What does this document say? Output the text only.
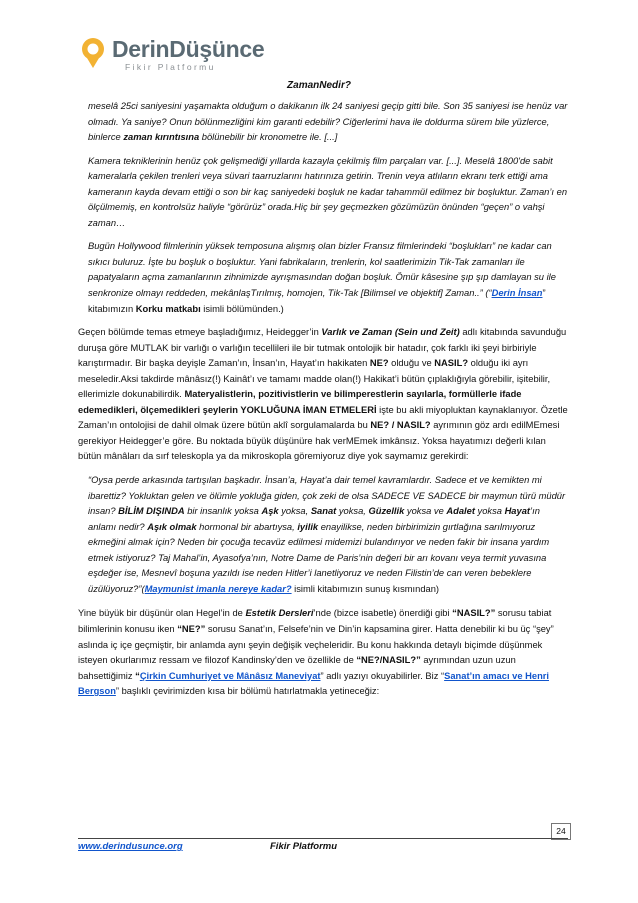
DerinDüşünce
Fikir Platformu
ZamanNedir?

meselâ 25ci saniyesini yaşamakta olduğum o dakikanın ilk 24 saniyesi geçip gitti bile. Son 35 saniyesi ise henüz var olmadı. Ya saniye? Onun bölünmezliğini kim garanti edebilir? Ciğerlerimi hava ile doldurma sürem bile yüzlerce, binlerce zaman kırıntısına bölünebilir bir kronometre ile. [...]

Kamera tekniklerinin henüz çok gelişmediği yıllarda kazayla çekilmiş film parçaları var. [...]. Meselâ 1800'de sabit kameralarla çekilen trenleri veya süvari taarruzlarını hatırınıza getirin. Trenin veya atlıların ekranı terk ettiği ama kameranın kayda devam ettiği o son bir kaç saniyedeki boşluk ne kadar tahammül edilmez bir boşluktur. Zaman’ı en ölçülmemiş, en kontrolsüz haliyle “görürüz” orada.Hiç bir şey geçmezken gözümüzün önünden “geçen” o vahşi zaman…

Bugün Hollywood filmlerinin yüksek temposuna alışmış olan bizler Fransız filmlerindeki “boşlukları” ne kadar can sıkıcı buluruz. İşte bu boşluk o boşluktur. Yani fabrikaların, trenlerin, kol saatlerimizin Tik-Tak zamanları ile papatyaların açma zamanlarının zihnimizde ayrışmasından doğan boşluk. Ömür kâsesine şıp şıp damlayan su ile senkronize olmayı reddeden, mekânlaşTırılmış, homojen, Tik-Tak [Bilimsel ve objektif] Zaman..” (“Derin İnsan” kitabımızın Korku matkabı isimli bölümünden.)

Geçen bölümde temas etmeye başladığımız, Heidegger’in Varlık ve Zaman (Sein und Zeit) adlı kitabında savunduğu duruşa göre MUTLAK bir varlığı o varlığın tecellileri ile bir tutmak ontolojik bir hatadır, çok farklı iki şeyi birbiriyle karıştırmadır. Bir başka deyişle Zaman’ın, İnsan’ın, Hayat’ın hakikaten NE? olduğu ve NASIL? olduğu iki ayrı meseledir.Aksi takdirde mânâsız(!) Kainât’ı ve tamamı madde olan(!) Hakikat’i bütün çıplaklığıyla görebilir, işitebilir, ellerimizle dokunabilirdik. Materyalistlerin, pozitivistlerin ve bilimperestlerin sayılarla, formüllerle ifade edemedikleri, ölçemedikleri şeylerin YOKLUĞUNA İMAN ETMELERİ işte bu akli miyopluktan kaynaklanıyor. Özetle Zaman’ın ontolojisi de dahil olmak üzere bütün aklî sorgulamalarda bu NE? / NASIL? ayrımının göz ardı edilMEmesi gerekiyor Heidegger’e göre. Bu noktada büyük düşünüre hak verMEmek imkânsız. Yoksa hayatımızı değerli kılan bütün mânâları da sırf teleskopla ya da mikroskopla göremiyoruz diye yok saymamız gerekirdi:

“Oysa perde arkasında tartışılan başkadır. İnsan’a, Hayat’a dair temel kavramlardır. Sadece et ve kemikten mi ibarettiz? Yokluktan gelen ve ölümle yokluğa giden, çok zeki de olsa SADECE VE SADECE bir maymun türü müdür insan? BİLİM DIŞINDA bir insanlık yoksa Aşk yoksa, Sanat yoksa, Güzellik yoksa ve Adalet yoksa Hayat’ın anlamı nedir? Aşık olmak hormonal bir abartıysa, iyilik enayilikse, neden birbirimizin gırtlağına sarılmıyoruz ekmeğini almak için? Neden bir çocuğa tecavüz edilmesi midemizi bulandırıyor ve neden fakir bir insana yardım etmek istiyoruz? Taj Mahal’in, Ayasofya’nın, Notre Dame de Paris’nin değeri bir arı kovanı veya termit yuvasına eşdeğer ise, Mesnevî boşuna yazıldı ise neden Hitler’i lanetliyoruz ve neden Filistin’de can veren bebeklere üzülüyoruz?”(Maymunist imanla nereye kadar? isimli kitabımızın sunuş kısmından)

Yine büyük bir düşünür olan Hegel’in de Estetik Dersleri’nde (bizce isabetle) önerdiği gibi “NASIL?” sorusu tabiat bilimlerinin konusu iken “NE?” sorusu Sanat’ın, Felsefe’nin ve Din’in kapsamina girer. Hatta denebilir ki bu üç “şey” aslında iç içe geçmiştir, bir anlamda aynı şeyin değişik veçheleridir. Bu konu hakkında detaylı biçimde düşünmek isteyen okurlarımız ressam ve filozof Kandinsky’den ve özellikle de “NE?/NASIL?” ayrımından uzun uzun bahsettiğimiz “Çirkin Cumhuriyet ve Mânâsız Maneviyat” adlı yazıyı okuyabilirler. Biz “Sanat’ın amacı ve Henri Bergson” başlıklı çevirimizden kısa bir bölümü hatırlatmakla yetineceğiz:

24
www.derindusunce.org	Fikir Platformu
